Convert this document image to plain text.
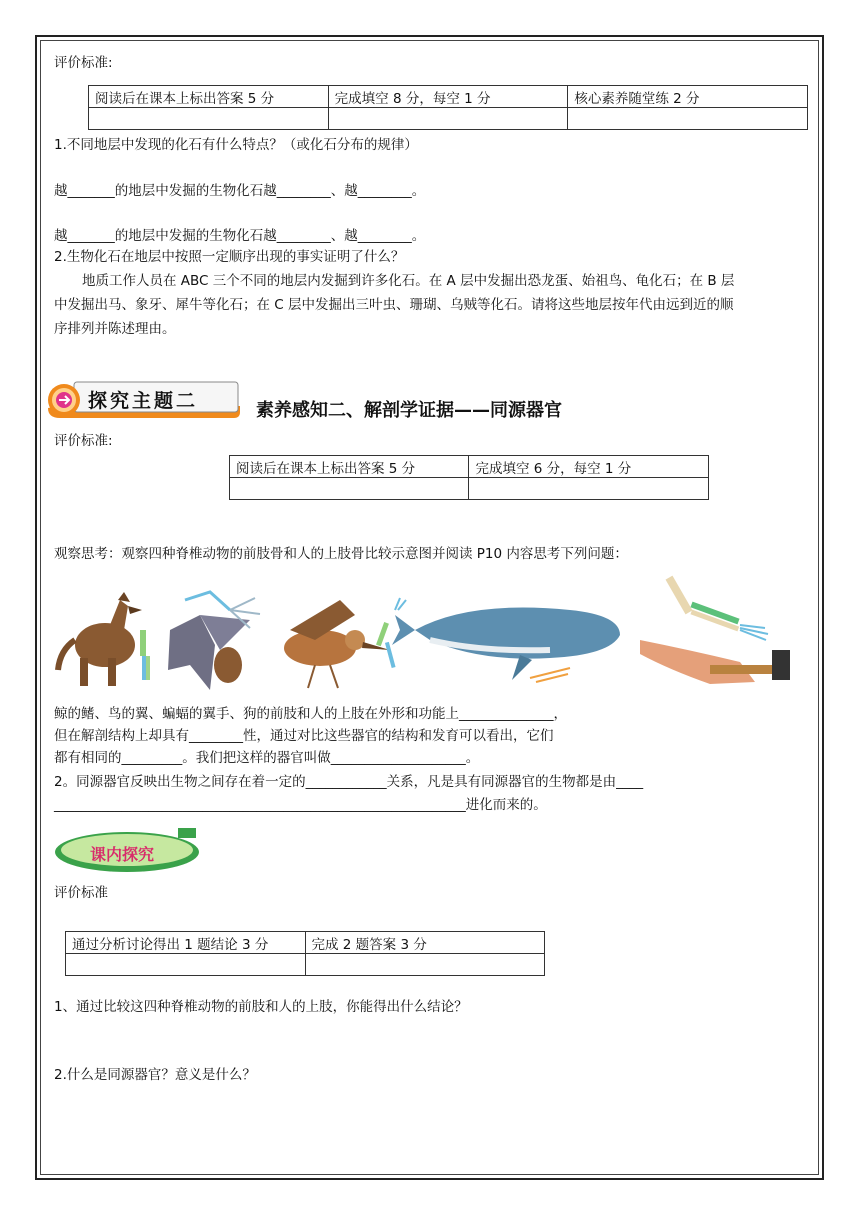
评价标准:
阅读后在课本上标出答案 5 分	完成填空 8 分，每空 1 分	核心素养随堂练 2 分

1.不同地层中发现的化石有什么特点？（或化石分布的规律）
越_______的地层中发掘的生物化石越________、越________。
越_______的地层中发掘的生物化石越________、越________。
2.生物化石在地层中按照一定顺序出现的事实证明了什么？
地质工作人员在 ABC 三个不同的地层内发掘到许多化石。在 A 层中发掘出恐龙蛋、始祖鸟、龟化石；在 B 层
中发掘出马、象牙、犀牛等化石；在 C 层中发掘出三叶虫、珊瑚、乌贼等化石。请将这些地层按年代由远到近的顺
序排列并陈述理由。
探究主题二	素养感知二、解剖学证据——同源器官
评价标准:
阅读后在课本上标出答案 5 分	完成填空 6 分，每空 1 分

观察思考：观察四种脊椎动物的前肢骨和人的上肢骨比较示意图并阅读 P10 内容思考下列问题：
鲸的鳍、鸟的翼、蝙蝠的翼手、狗的前肢和人的上肢在外形和功能上______________，
但在解剖结构上却具有________性，通过对比这些器官的结构和发育可以看出，它们
都有相同的_________。我们把这样的器官叫做____________________。
2。同源器官反映出生物之间存在着一定的____________关系，凡是具有同源器官的生物都是由____
_____________________________________________________________进化而来的。
课内探究
评价标准
通过分析讨论得出 1 题结论 3 分	完成 2 题答案 3 分

1、通过比较这四种脊椎动物的前肢和人的上肢，你能得出什么结论？
2.什么是同源器官？意义是什么？
